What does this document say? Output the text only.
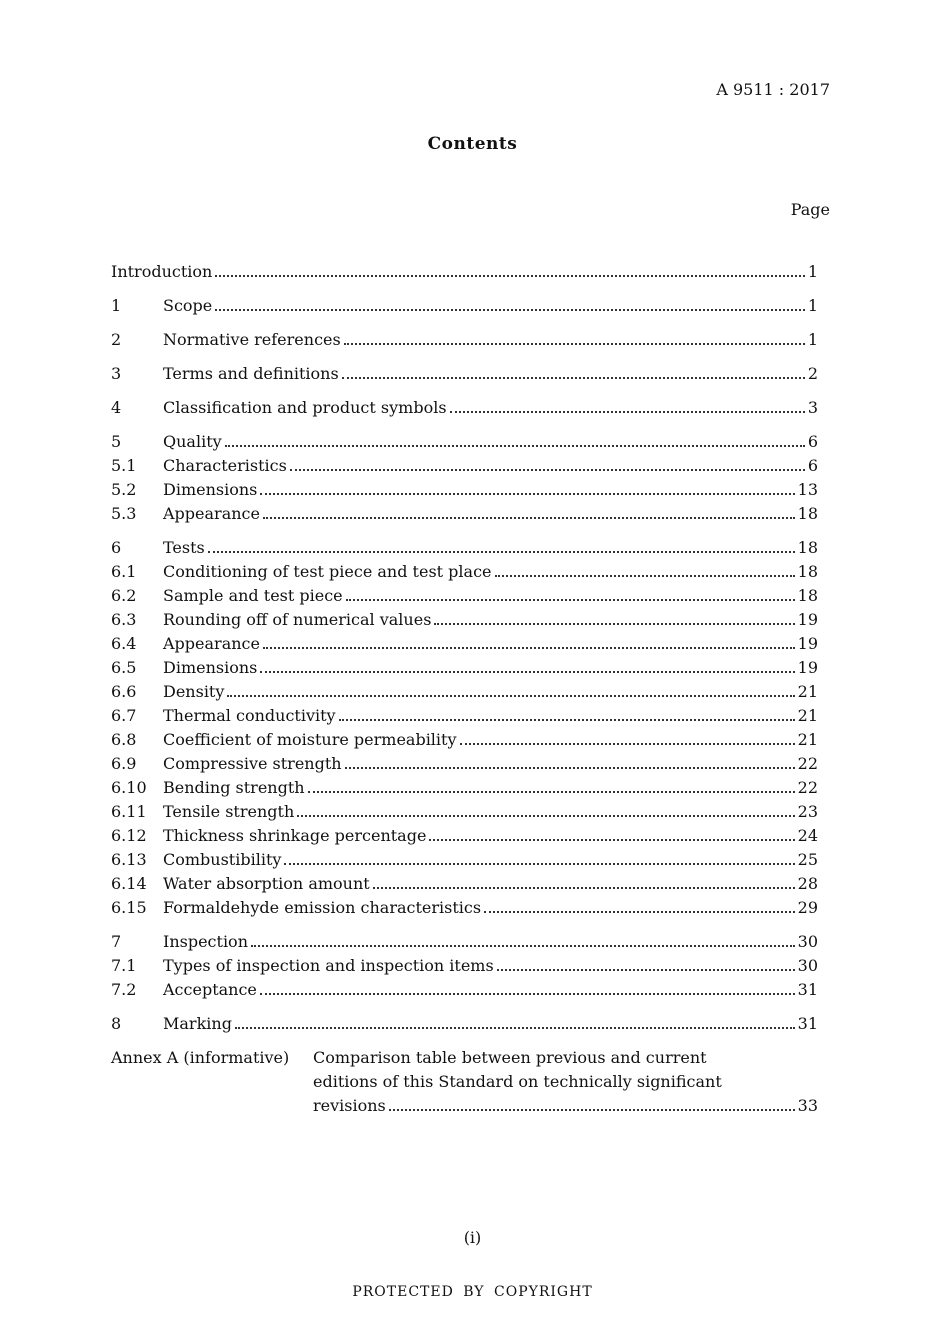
A 9511 : 2017
Contents
Page
Introduction	1
1	Scope	1
2	Normative references	1
3	Terms and definitions	2
4	Classification and product symbols	3
5	Quality	6
5.1	Characteristics	6
5.2	Dimensions	13
5.3	Appearance	18
6	Tests	18
6.1	Conditioning of test piece and test place	18
6.2	Sample and test piece	18
6.3	Rounding off of numerical values	19
6.4	Appearance	19
6.5	Dimensions	19
6.6	Density	21
6.7	Thermal conductivity	21
6.8	Coefficient of moisture permeability	21
6.9	Compressive strength	22
6.10	Bending strength	22
6.11	Tensile strength	23
6.12	Thickness shrinkage percentage	24
6.13	Combustibility	25
6.14	Water absorption amount	28
6.15	Formaldehyde emission characteristics	29
7	Inspection	30
7.1	Types of inspection and inspection items	30
7.2	Acceptance	31
8	Marking	31
Annex A (informative)	Comparison table between previous and current
editions of this Standard on technically significant
revisions	33
(i)
PROTECTED BY COPYRIGHT
